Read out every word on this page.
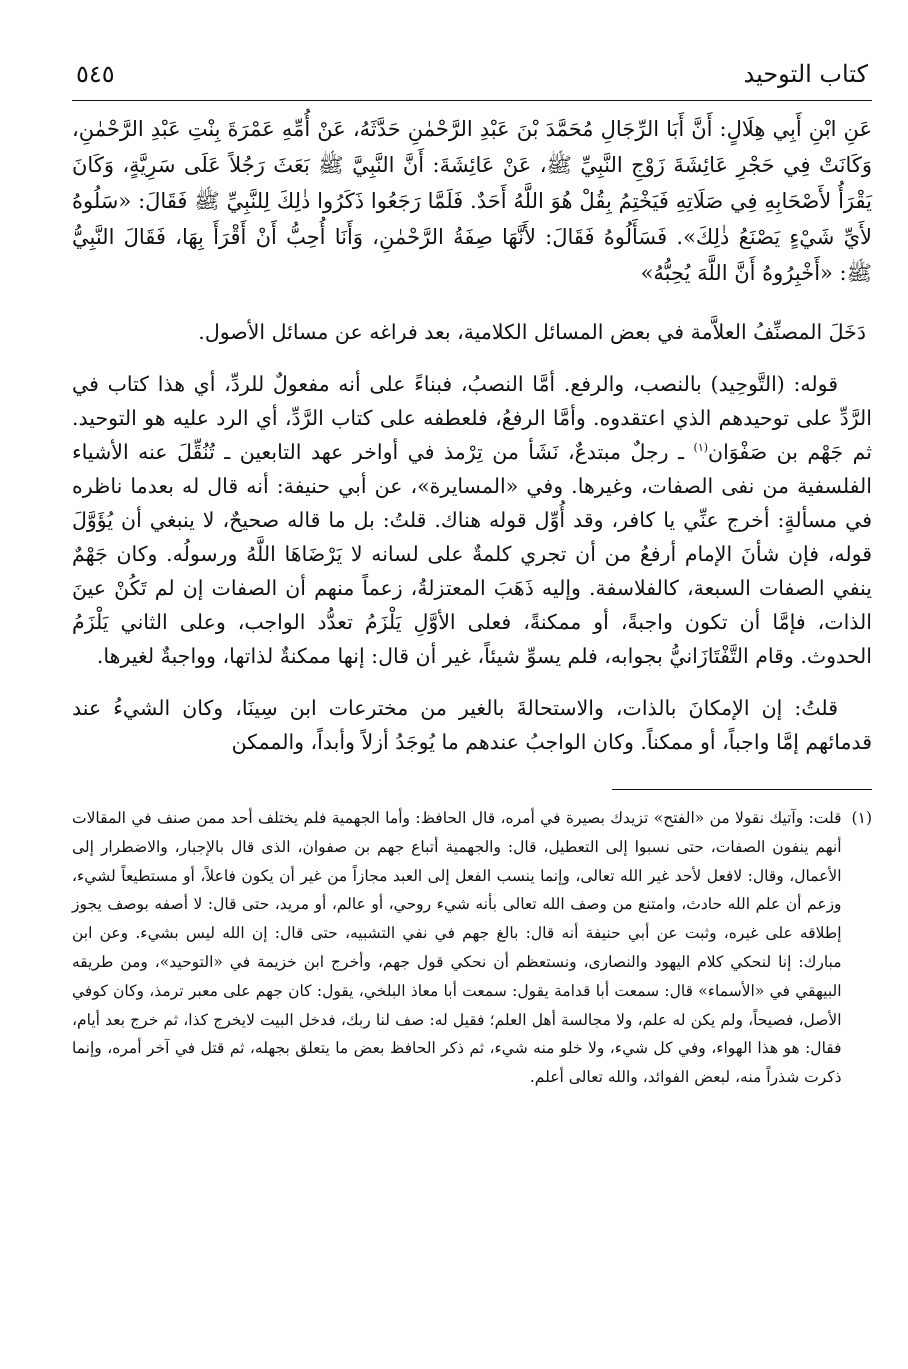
كتاب التوحيد
٥٤٥
عَنِ ابْنِ أَبِي هِلَالٍ: أَنَّ أَبَا الرِّجَالِ مُحَمَّدَ بْنَ عَبْدِ الرَّحْمٰنِ حَدَّثَهُ، عَنْ أُمِّهِ عَمْرَةَ بِنْتِ عَبْدِ الرَّحْمٰنِ، وَكَانَتْ فِي حَجْرِ عَائِشَةَ زَوْجِ النَّبِيِّ ﷺ، عَنْ عَائِشَةَ: أَنَّ النَّبِيَّ ﷺ بَعَثَ رَجُلاً عَلَى سَرِيَّةٍ، وَكَانَ يَقْرَأُ لأَصْحَابِهِ فِي صَلَاتِهِ فَيَخْتِمُ بِقُلْ هُوَ اللَّهُ أَحَدٌ. فَلَمَّا رَجَعُوا ذَكَرُوا ذٰلِكَ لِلنَّبِيِّ ﷺ فَقَالَ: «سَلُوهُ لأَيِّ شَيْءٍ يَصْنَعُ ذٰلِكَ». فَسَأَلُوهُ فَقَالَ: لأَنَّهَا صِفَةُ الرَّحْمٰنِ، وَأَنَا أُحِبُّ أَنْ أَقْرَأَ بِهَا، فَقَالَ النَّبِيُّ ﷺ: «أَخْبِرُوهُ أَنَّ اللَّهَ يُحِبُّهُ»

دَخَلَ المصنِّفُ العلاَّمة في بعض المسائل الكلامية، بعد فراغه عن مسائل الأصول.

قوله: (التَّوحِيد) بالنصب، والرفع. أمَّا النصبُ، فبناءً على أنه مفعولٌ للردِّ، أي هذا كتاب في الرَّدِّ على توحيدهم الذي اعتقدوه. وأمَّا الرفعُ، فلعطفه على كتاب الرَّدِّ، أي الرد عليه هو التوحيد. ثم جَهْم بن صَفْوَان$^{(١)}$ ـ رجلٌ مبتدعٌ، نَشَأ من تِرْمذ في أواخر عهد التابعين ـ تُنُقِّلَ عنه الأشياء الفلسفية من نفى الصفات، وغيرها. وفي «المسايرة»، عن أبي حنيفة: أنه قال له بعدما ناظره في مسألةٍ: أخرج عنِّي يا كافر، وقد أُوِّل قوله هناك. قلتُ: بل ما قاله صحيحٌ، لا ينبغي أن يُؤَوَّلَ قوله، فإن شأنَ الإمام أرفعُ من أن تجري كلمةٌ على لسانه لا يَرْضَاهَا اللَّهُ ورسولُه. وكان جَهْمٌ ينفي الصفات السبعة، كالفلاسفة. وإليه ذَهَبَ المعتزلةُ، زعماً منهم أن الصفات إن لم تَكُنْ عينَ الذات، فإمَّا أن تكون واجبةً، أو ممكنةً، فعلى الأوَّلِ يَلْزَمُ تعدُّد الواجب، وعلى الثاني يَلْزَمُ الحدوث. وقام التَّفْتَازَانيُّ بجوابه، فلم يسوِّ شيئاً، غير أن قال: إنها ممكنةٌ لذاتها، وواجبةٌ لغيرها.

قلتُ: إن الإمكانَ بالذات، والاستحالةَ بالغير من مخترعات ابن سِينَا، وكان الشيءُ عند قدمائهم إمَّا واجباً، أو ممكناً. وكان الواجبُ عندهم ما يُوجَدُ أزلاً وأبداً، والممكن

(١)
قلت: وآتيك نقولا من «الفتح» تزيدك بصيرة في أمره، قال الحافظ: وأما الجهمية فلم يختلف أحد ممن صنف في المقالات أنهم ينفون الصفات، حتى نسبوا إلى التعطيل، قال: والجهمية أتباع جهم بن صفوان، الذى قال بالإجبار، والاضطرار إلى الأعمال، وقال: لافعل لأحد غير الله تعالى، وإنما ينسب الفعل إلى العبد مجازاً من غير أن يكون فاعلاً، أو مستطيعاً لشيء، وزعم أن علم الله حادث، وامتنع من وصف الله تعالى بأنه شيء روحي، أو عالم، أو مريد، حتى قال: لا أصفه بوصف يجوز إطلاقه على غيره، وثبت عن أبي حنيفة أنه قال: بالغ جهم في نفي التشبيه، حتى قال: إن الله ليس بشيء. وعن ابن مبارك: إنا لنحكي كلام اليهود والنصارى، ونستعظم أن نحكي قول جهم، وأخرج ابن خزيمة في «التوحيد»، ومن طريقه البيهقي في «الأسماء» قال: سمعت أبا قدامة يقول: سمعت أبا معاذ البلخي، يقول: كان جهم على معبر ترمذ، وكان كوفي الأصل، فصيحاً، ولم يكن له علم، ولا مجالسة أهل العلم؛ فقيل له: صف لنا ربك، فدخل البيت لايخرج كذا، ثم خرج بعد أيام، فقال: هو هذا الهواء، وفي كل شيء، ولا خلو منه شيء، ثم ذكر الحافظ بعض ما يتعلق بجهله، ثم قتل في آخر أمره، وإنما ذكرت شذراً منه، لبعض الفوائد، والله تعالى أعلم.
